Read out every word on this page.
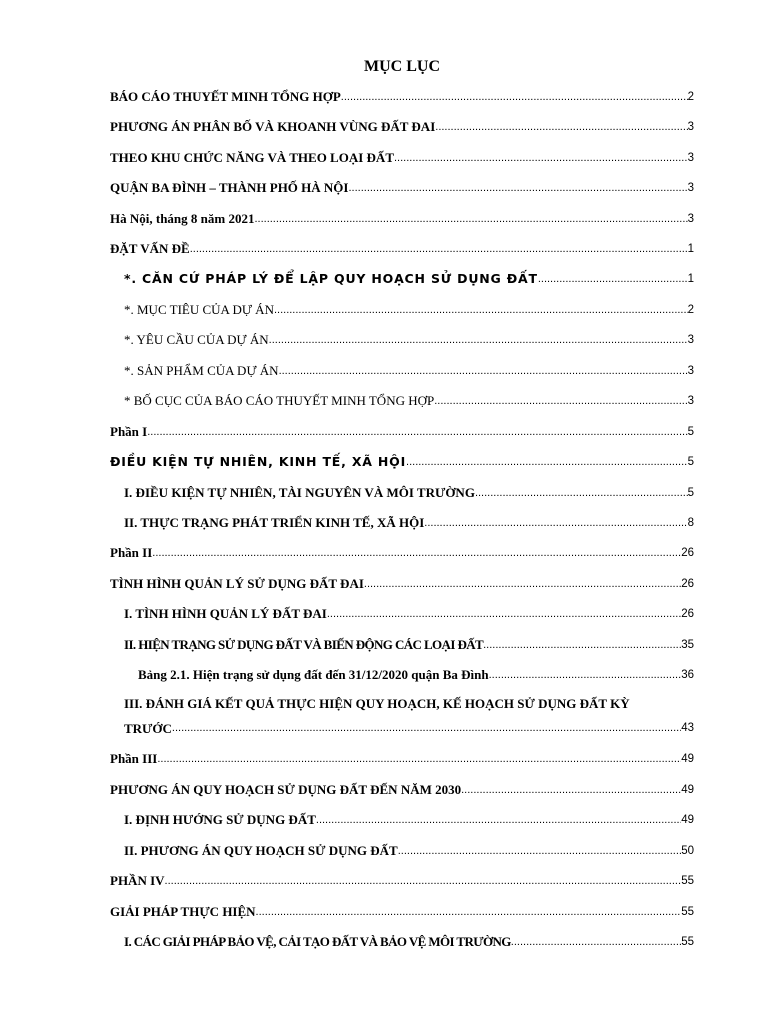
MỤC LỤC
BÁO CÁO THUYẾT MINH TỔNG HỢP .....	2
PHƯƠNG ÁN PHÂN BỐ VÀ KHOANH VÙNG ĐẤT ĐAI .....	3
THEO KHU CHỨC NĂNG VÀ THEO LOẠI ĐẤT .....	3
QUẬN BA ĐÌNH – THÀNH PHỐ HÀ NỘI .....	3
Hà Nội, tháng 8 năm 2021 .....	3
ĐẶT VẤN ĐỀ .....	1
*. CĂN CỨ PHÁP LÝ ĐỂ LẬP QUY HOẠCH SỬ DỤNG ĐẤT .....	1
*. MỤC TIÊU CỦA DỰ ÁN .....	2
*. YÊU CẦU CỦA DỰ ÁN .....	3
*. SẢN PHẨM CỦA DỰ ÁN .....	3
* BỐ CỤC CỦA BÁO CÁO THUYẾT MINH TỔNG HỢP .....	3
Phần I .....	5
ĐIỀU KIỆN TỰ NHIÊN, KINH TẾ, XÃ HỘI .....	5
I. ĐIỀU KIỆN TỰ NHIÊN, TÀI NGUYÊN VÀ MÔI TRƯỜNG .....	5
II. THỰC TRẠNG PHÁT TRIỂN KINH TẾ, XÃ HỘI .....	8
Phần II .....	26
TÌNH HÌNH QUẢN LÝ SỬ DỤNG ĐẤT ĐAI .....	26
I. TÌNH HÌNH QUẢN LÝ ĐẤT ĐAI .....	26
II. HIỆN TRẠNG SỬ DỤNG ĐẤT VÀ BIẾN ĐỘNG CÁC LOẠI ĐẤT .....	35
Bảng 2.1. Hiện trạng sử dụng đất đến 31/12/2020 quận Ba Đình .....	36
III. ĐÁNH GIÁ KẾT QUẢ THỰC HIỆN QUY HOẠCH, KẾ HOẠCH SỬ DỤNG ĐẤT KỲ
TRƯỚC .....	43
Phần III .....	49
PHƯƠNG ÁN QUY HOẠCH SỬ DỤNG ĐẤT ĐẾN NĂM 2030 .....	49
I. ĐỊNH HƯỚNG SỬ DỤNG ĐẤT .....	49
II. PHƯƠNG ÁN QUY HOẠCH SỬ DỤNG ĐẤT .....	50
PHẦN IV .....	55
GIẢI PHÁP THỰC HIỆN .....	55
I. CÁC GIẢI PHÁP BẢO VỆ, CẢI TẠO ĐẤT VÀ BẢO VỆ MÔI TRƯỜNG .....	55
